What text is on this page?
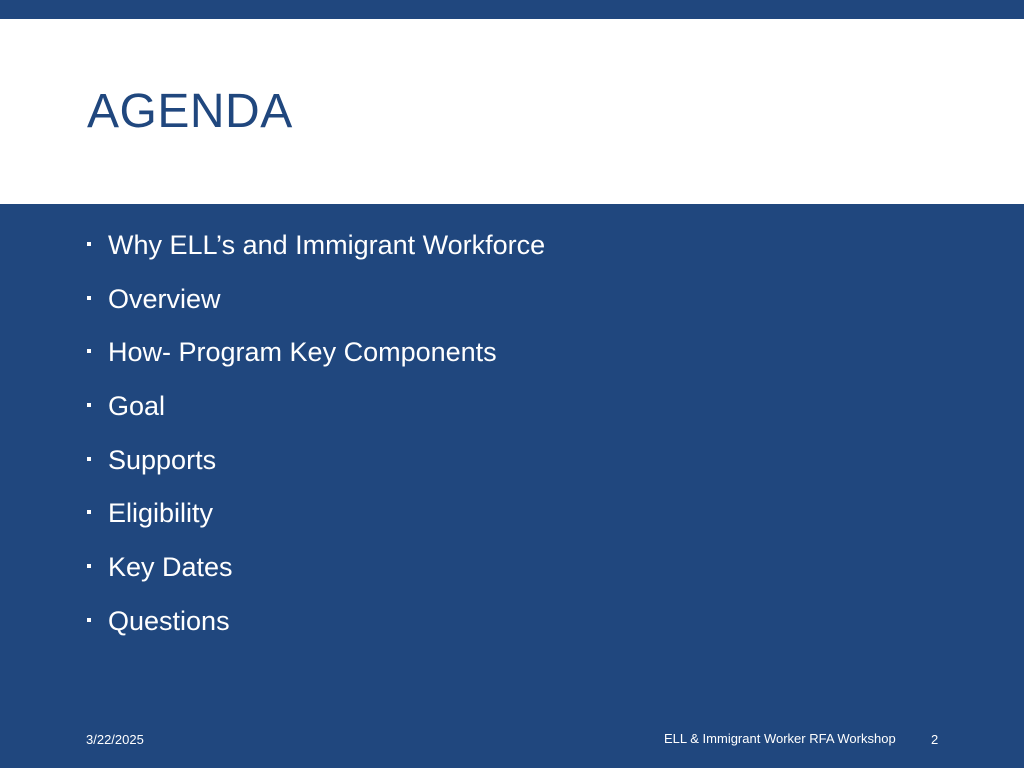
AGENDA
Why ELL’s and Immigrant Workforce
Overview
How- Program Key Components
Goal
Supports
Eligibility
Key Dates
Questions
3/22/2025	ELL & Immigrant Worker RFA Workshop	2
